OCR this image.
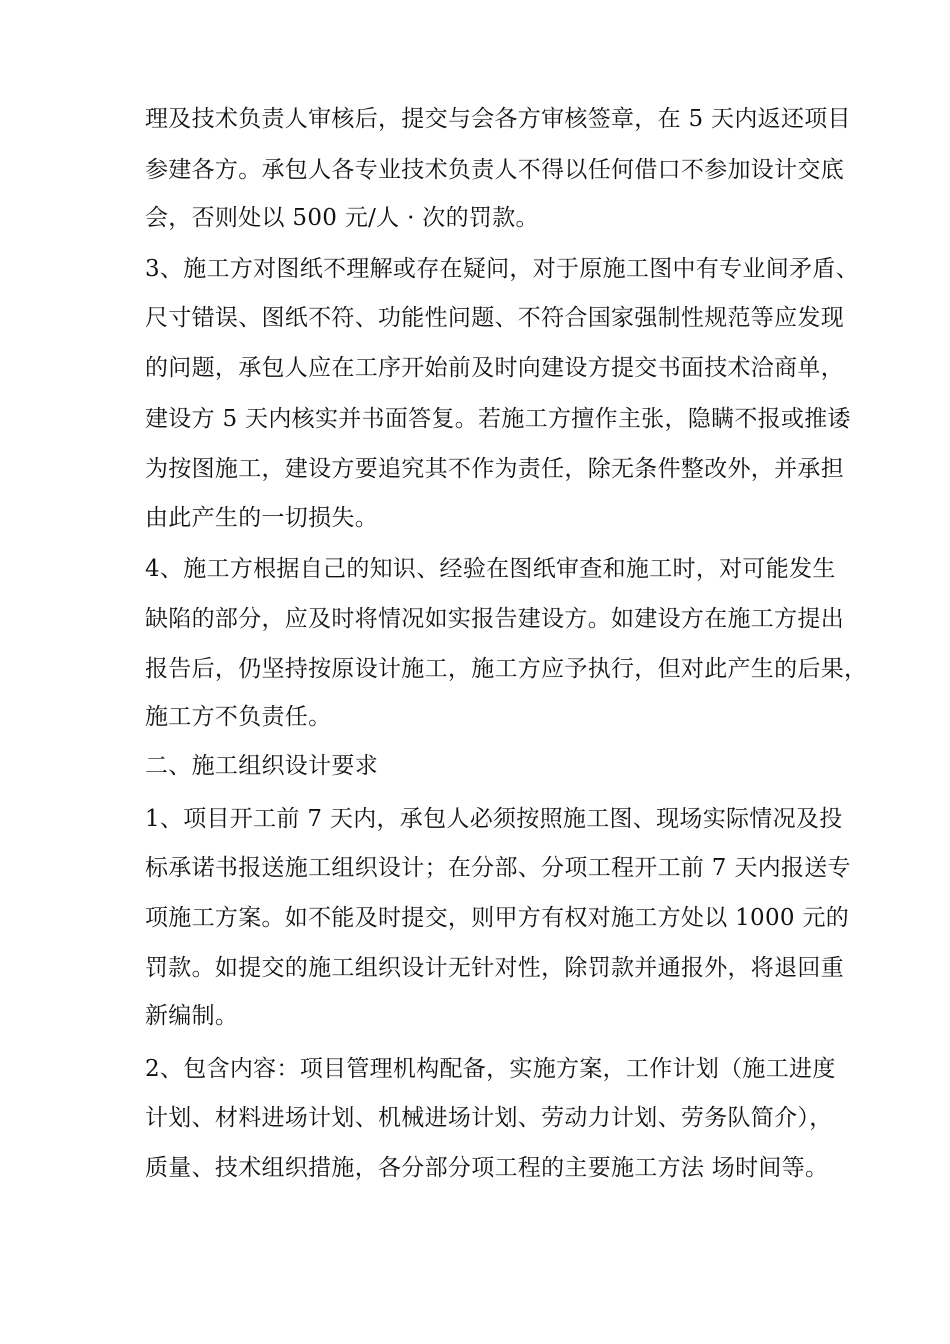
理及技术负责人审核后，提交与会各方审核签章，在 5 天内返还项目

参建各方。承包人各专业技术负责人不得以任何借口不参加设计交底

会，否则处以 500 元/人 · 次的罚款。

3、施工方对图纸不理解或存在疑问，对于原施工图中有专业间矛盾、

尺寸错误、图纸不符、功能性问题、不符合国家强制性规范等应发现

的问题，承包人应在工序开始前及时向建设方提交书面技术洽商单，

建设方 5 天内核实并书面答复。若施工方擅作主张，隐瞒不报或推诿

为按图施工，建设方要追究其不作为责任，除无条件整改外，并承担

由此产生的一切损失。

4、施工方根据自己的知识、经验在图纸审查和施工时，对可能发生

缺陷的部分，应及时将情况如实报告建设方。如建设方在施工方提出

报告后，仍坚持按原设计施工，施工方应予执行，但对此产生的后果，

施工方不负责任。

二、施工组织设计要求

1、项目开工前 7 天内，承包人必须按照施工图、现场实际情况及投

标承诺书报送施工组织设计；在分部、分项工程开工前 7 天内报送专

项施工方案。如不能及时提交，则甲方有权对施工方处以 1000 元的

罚款。如提交的施工组织设计无针对性，除罚款并通报外，将退回重

新编制。

2、包含内容：项目管理机构配备，实施方案，工作计划（施工进度

计划、材料进场计划、机械进场计划、劳动力计划、劳务队简介），

质量、技术组织措施，各分部分项工程的主要施工方法 场时间等。
